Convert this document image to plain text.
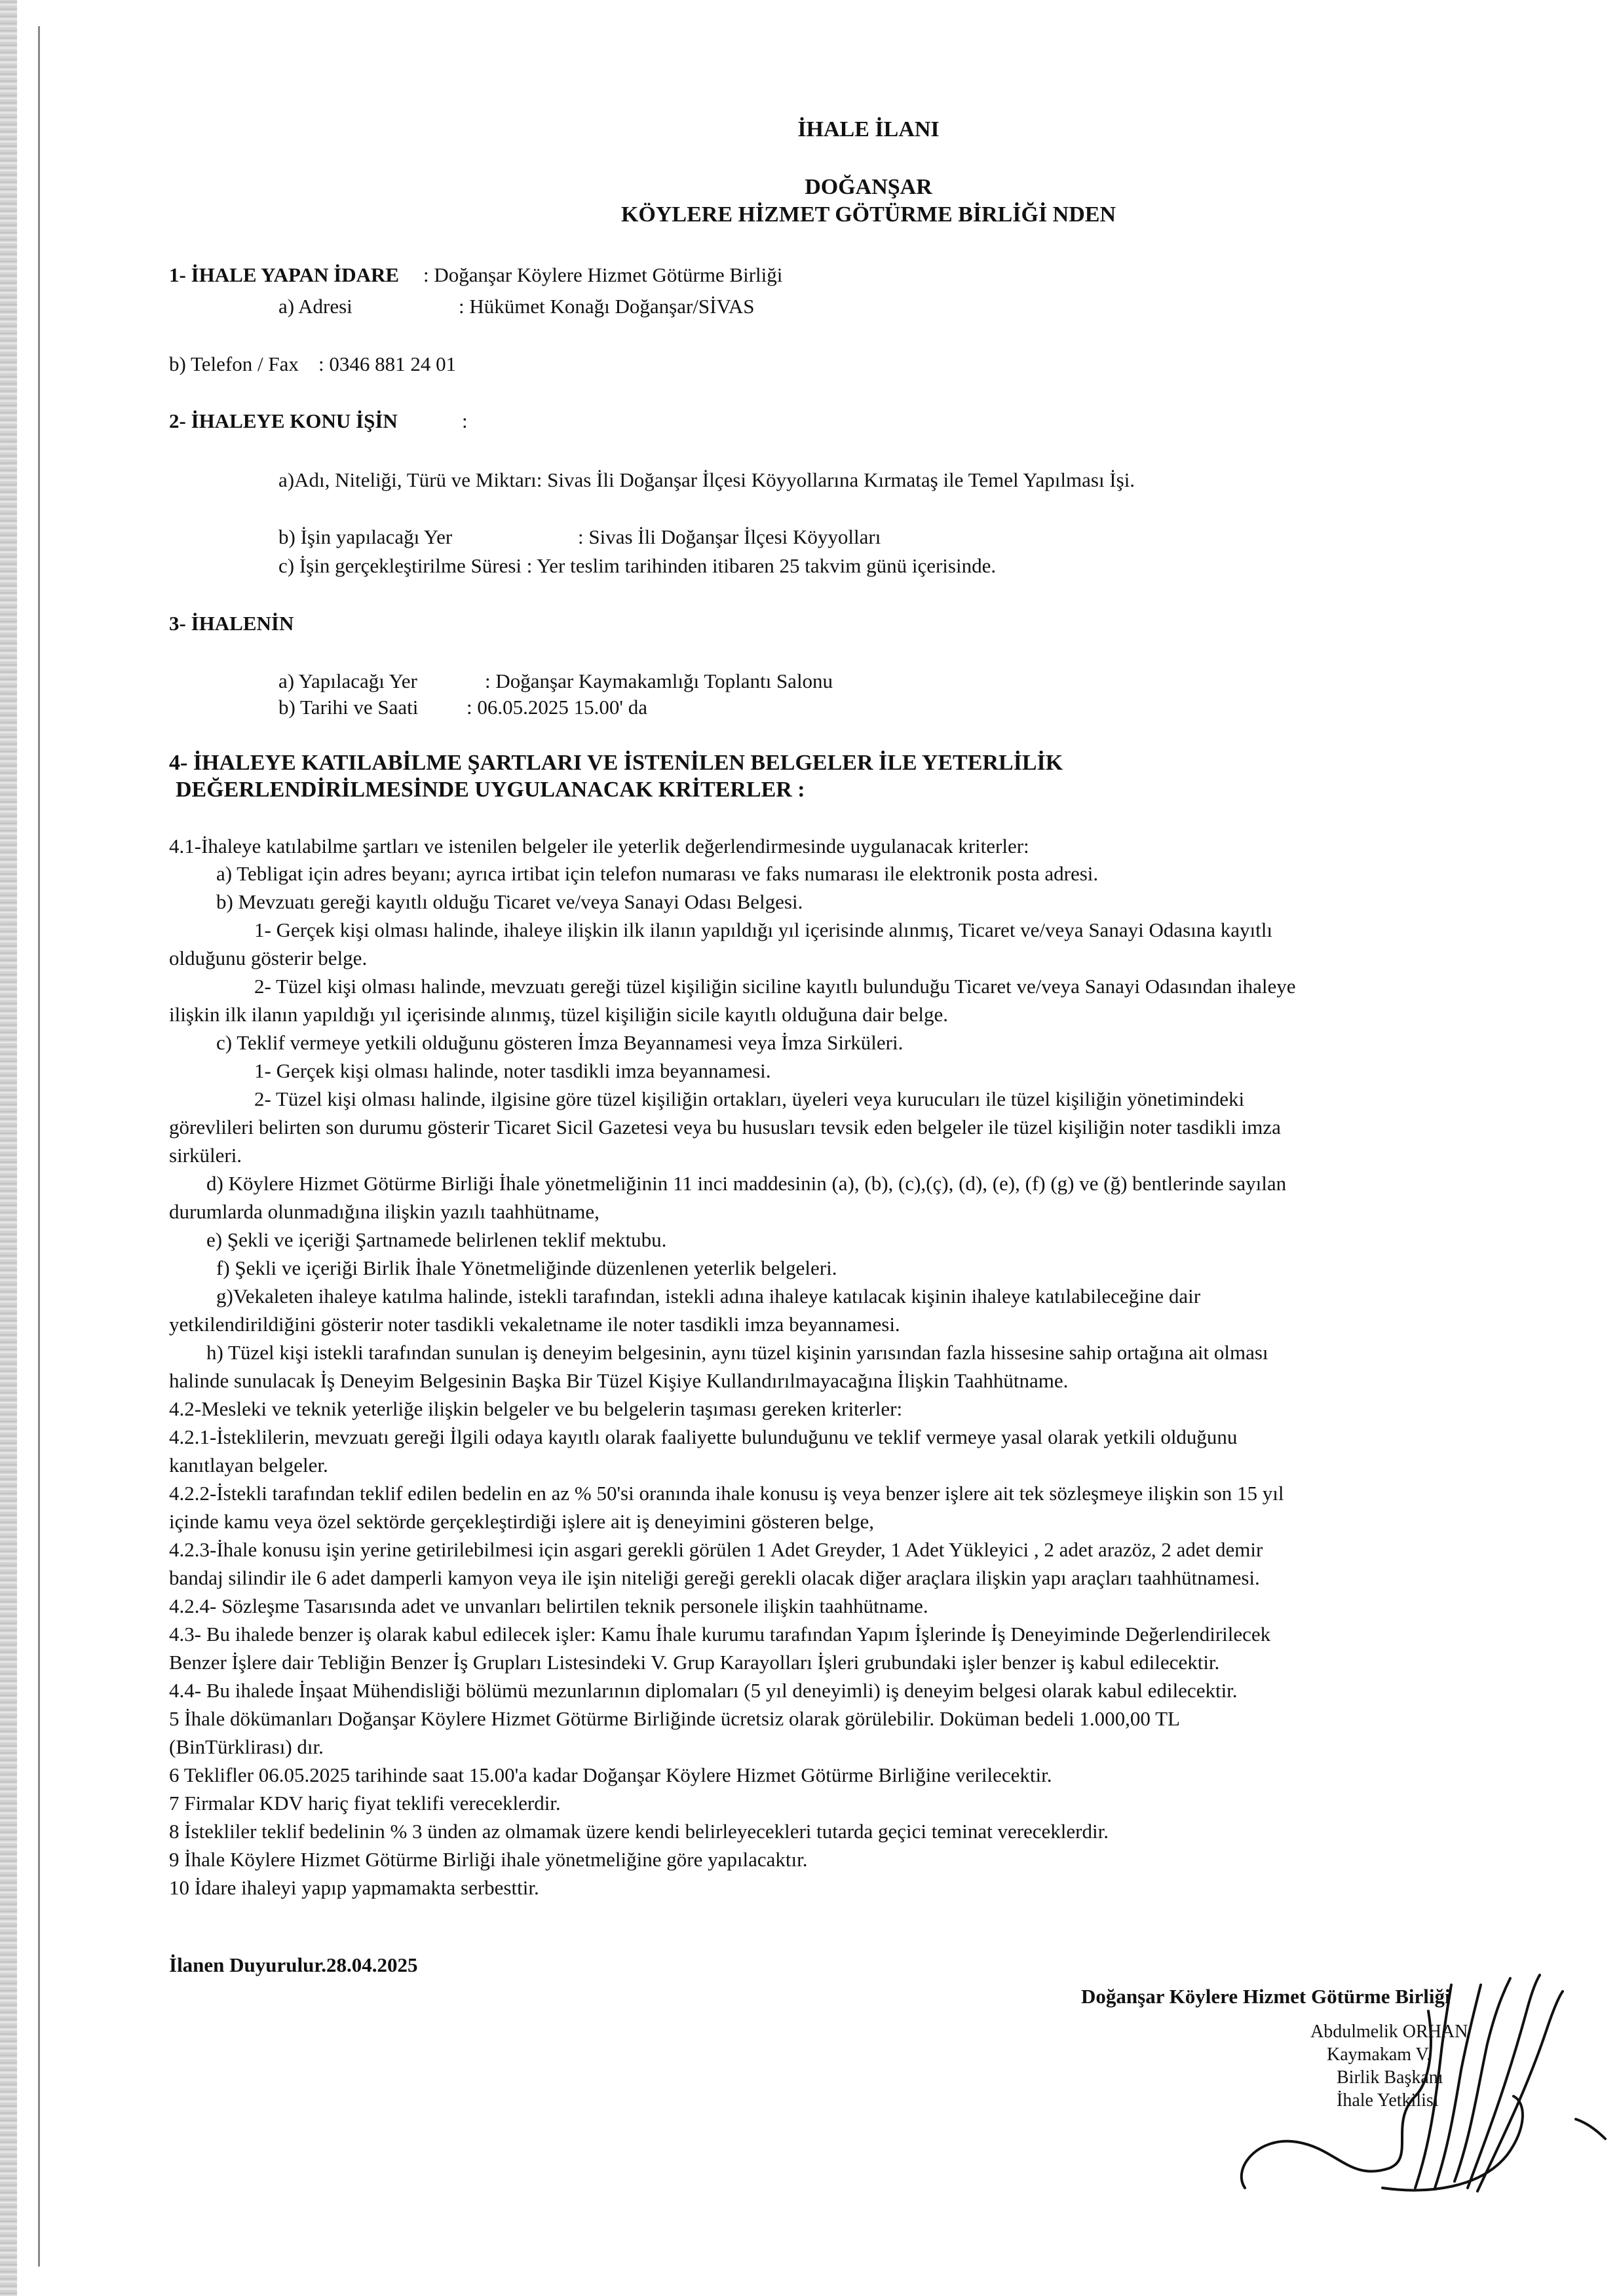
İHALE İLANI
DOĞANŞAR
KÖYLERE HİZMET GÖTÜRME BİRLİĞİ NDEN
1- İHALE YAPAN İDARE : Doğanşar Köylere Hizmet Götürme Birliği
a) Adresi	: Hükümet Konağı Doğanşar/SİVAS
b) Telefon / Fax : 0346 881 24 01
2- İHALEYE KONU İŞİN	:
a)Adı, Niteliği, Türü ve Miktarı: Sivas İli Doğanşar İlçesi Köyyollarına Kırmataş ile Temel Yapılması İşi.
b) İşin yapılacağı Yer	: Sivas İli Doğanşar İlçesi Köyyolları
c) İşin gerçekleştirilme Süresi : Yer teslim tarihinden itibaren 25 takvim günü içerisinde.
3- İHALENİN
a) Yapılacağı Yer	: Doğanşar Kaymakamlığı Toplantı Salonu
b) Tarihi ve Saati : 06.05.2025 15.00' da
4- İHALEYE KATILABİLME ŞARTLARI VE İSTENİLEN BELGELER İLE YETERLİLİK
DEĞERLENDİRİLMESİNDE UYGULANACAK KRİTERLER :
4.1-İhaleye katılabilme şartları ve istenilen belgeler ile yeterlik değerlendirmesinde uygulanacak kriterler:
a) Tebligat için adres beyanı; ayrıca irtibat için telefon numarası ve faks numarası ile elektronik posta adresi.
b) Mevzuatı gereği kayıtlı olduğu Ticaret ve/veya Sanayi Odası Belgesi.
1- Gerçek kişi olması halinde, ihaleye ilişkin ilk ilanın yapıldığı yıl içerisinde alınmış, Ticaret ve/veya Sanayi Odasına kayıtlı
olduğunu gösterir belge.
2- Tüzel kişi olması halinde, mevzuatı gereği tüzel kişiliğin siciline kayıtlı bulunduğu Ticaret ve/veya Sanayi Odasından ihaleye
ilişkin ilk ilanın yapıldığı yıl içerisinde alınmış, tüzel kişiliğin sicile kayıtlı olduğuna dair belge.
c) Teklif vermeye yetkili olduğunu gösteren İmza Beyannamesi veya İmza Sirküleri.
1- Gerçek kişi olması halinde, noter tasdikli imza beyannamesi.
2- Tüzel kişi olması halinde, ilgisine göre tüzel kişiliğin ortakları, üyeleri veya kurucuları ile tüzel kişiliğin yönetimindeki
görevlileri belirten son durumu gösterir Ticaret Sicil Gazetesi veya bu hususları tevsik eden belgeler ile tüzel kişiliğin noter tasdikli imza
sirküleri.
d) Köylere Hizmet Götürme Birliği İhale yönetmeliğinin 11 inci maddesinin (a), (b), (c),(ç), (d), (e), (f) (g) ve (ğ) bentlerinde sayılan
durumlarda olunmadığına ilişkin yazılı taahhütname,
e) Şekli ve içeriği Şartnamede belirlenen teklif mektubu.
f) Şekli ve içeriği Birlik İhale Yönetmeliğinde düzenlenen yeterlik belgeleri.
g)Vekaleten ihaleye katılma halinde, istekli tarafından, istekli adına ihaleye katılacak kişinin ihaleye katılabileceğine dair
yetkilendirildiğini gösterir noter tasdikli vekaletname ile noter tasdikli imza beyannamesi.
h) Tüzel kişi istekli tarafından sunulan iş deneyim belgesinin, aynı tüzel kişinin yarısından fazla hissesine sahip ortağına ait olması
halinde sunulacak İş Deneyim Belgesinin Başka Bir Tüzel Kişiye Kullandırılmayacağına İlişkin Taahhütname.
4.2-Mesleki ve teknik yeterliğe ilişkin belgeler ve bu belgelerin taşıması gereken kriterler:
4.2.1-İsteklilerin, mevzuatı gereği İlgili odaya kayıtlı olarak faaliyette bulunduğunu ve teklif vermeye yasal olarak yetkili olduğunu
kanıtlayan belgeler.
4.2.2-İstekli tarafından teklif edilen bedelin en az % 50'si oranında ihale konusu iş veya benzer işlere ait tek sözleşmeye ilişkin son 15 yıl
içinde kamu veya özel sektörde gerçekleştirdiği işlere ait iş deneyimini gösteren belge,
4.2.3-İhale konusu işin yerine getirilebilmesi için asgari gerekli görülen 1 Adet Greyder, 1 Adet Yükleyici , 2 adet arazöz, 2 adet demir
bandaj silindir ile 6 adet damperli kamyon veya ile işin niteliği gereği gerekli olacak diğer araçlara ilişkin yapı araçları taahhütnamesi.
4.2.4- Sözleşme Tasarısında adet ve unvanları belirtilen teknik personele ilişkin taahhütname.
4.3- Bu ihalede benzer iş olarak kabul edilecek işler: Kamu İhale kurumu tarafından Yapım İşlerinde İş Deneyiminde Değerlendirilecek
Benzer İşlere dair Tebliğin Benzer İş Grupları Listesindeki V. Grup Karayolları İşleri grubundaki işler benzer iş kabul edilecektir.
4.4- Bu ihalede İnşaat Mühendisliği bölümü mezunlarının diplomaları (5 yıl deneyimli) iş deneyim belgesi olarak kabul edilecektir.
5 İhale dökümanları Doğanşar Köylere Hizmet Götürme Birliğinde ücretsiz olarak görülebilir. Doküman bedeli 1.000,00 TL
(BinTürklirası) dır.
6 Teklifler 06.05.2025 tarihinde saat 15.00'a kadar Doğanşar Köylere Hizmet Götürme Birliğine verilecektir.
7 Firmalar KDV hariç fiyat teklifi vereceklerdir.
8 İstekliler teklif bedelinin % 3 ünden az olmamak üzere kendi belirleyecekleri tutarda geçici teminat vereceklerdir.
9 İhale Köylere Hizmet Götürme Birliği ihale yönetmeliğine göre yapılacaktır.
10 İdare ihaleyi yapıp yapmamakta serbesttir.
İlanen Duyurulur.28.04.2025
Doğanşar Köylere Hizmet Götürme Birliği
Abdulmelik ORHAN
Kaymakam V.
Birlik Başkanı
İhale Yetkilisi
